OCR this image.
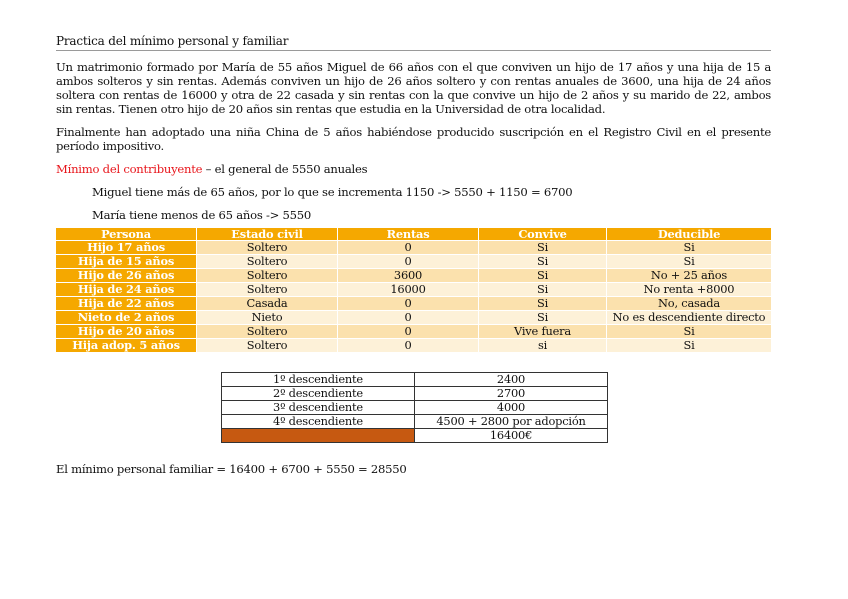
Practica del mínimo personal y familiar

Un matrimonio formado por María de 55 años Miguel de 66 años con el que conviven un hijo de 17 años y una hija de 15 a ambos solteros y sin rentas. Además conviven un hijo de 26 años soltero y con rentas anuales de 3600, una hija de 24 años soltera con rentas de 16000 y otra de 22 casada y sin rentas con la que convive un hijo de 2 años y su marido de 22, ambos sin rentas. Tienen otro hijo de 20 años sin rentas que estudia en la Universidad de otra localidad.

Finalmente han adoptado una niña China de 5 años habiéndose producido suscripción en el Registro Civil en el presente período impositivo.

Mínimo del contribuyente – el general de 5550 anuales

Miguel tiene más de 65 años, por lo que se incrementa 1150 -> 5550 + 1150 = 6700

María tiene menos de 65 años -> 5550

Persona	Estado civil	Rentas	Convive	Deducible
Hijo 17 años	Soltero	0	Si	Si
Hija de 15 años	Soltero	0	Si	Si
Hijo de 26 años	Soltero	3600	Si	No + 25 años
Hija de 24 años	Soltero	16000	Si	No renta +8000
Hija de 22 años	Casada	0	Si	No, casada
Nieto de 2 años	Nieto	0	Si	No es descendiente directo
Hijo de 20 años	Soltero	0	Vive fuera	Si
Hija adop. 5 años	Soltero	0	si	Si
1º descendiente	2400
2º descendiente	2700
3º descendiente	4000
4º descendiente	4500 + 2800 por adopción
	16400€

El mínimo personal familiar = 16400 + 6700 + 5550 = 28550
